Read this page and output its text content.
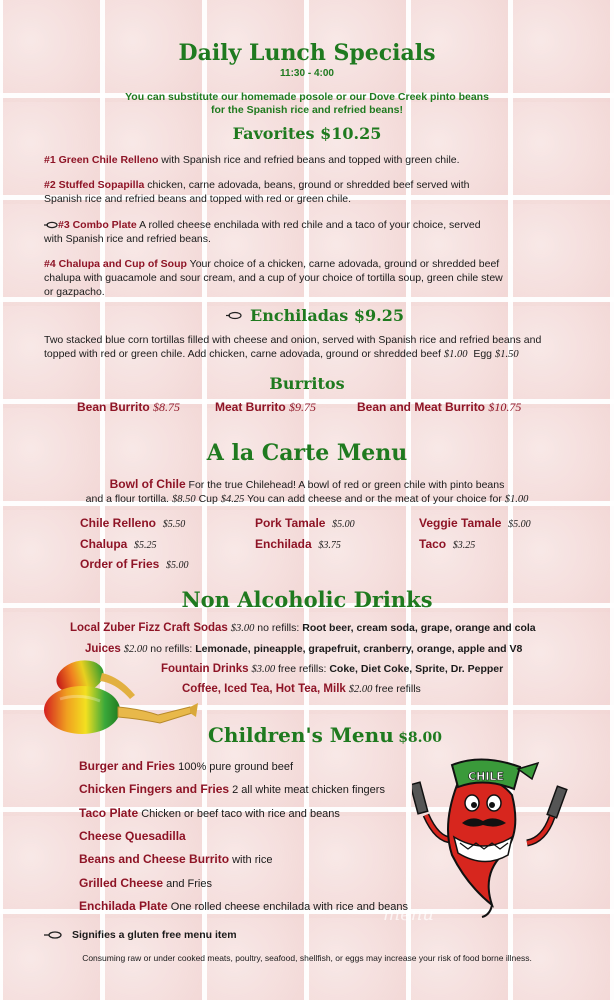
Daily Lunch Specials
11:30 - 4:00
You can substitute our homemade posole or our Dove Creek pinto beans
for the Spanish rice and refried beans!
Favorites $10.25
#1 Green Chile Relleno with Spanish rice and refried beans and topped with green chile.
#2 Stuffed Sopapilla chicken, carne adovada, beans, ground or shredded beef served with
Spanish rice and refried beans and topped with red or green chile.
#3 Combo Plate A rolled cheese enchilada with red chile and a taco of your choice, served
with Spanish rice and refried beans.
#4 Chalupa and Cup of Soup Your choice of a chicken, carne adovada, ground or shredded beef
chalupa with guacamole and sour cream, and a cup of your choice of tortilla soup, green chile stew
or gazpacho.
Enchiladas $9.25
Two stacked blue corn tortillas filled with cheese and onion, served with Spanish rice and refried beans and
topped with red or green chile. Add chicken, carne adovada, ground or shredded beef $1.00 Egg $1.50
Burritos
Bean Burrito $8.75	Meat Burrito $9.75	Bean and Meat Burrito $10.75
A la Carte Menu
Bowl of Chile For the true Chilehead! A bowl of red or green chile with pinto beans
and a flour tortilla. $8.50 Cup $4.25 You can add cheese and or the meat of your choice for $1.00
Chile Relleno $5.50	Pork Tamale $5.00	Veggie Tamale $5.00
Chalupa $5.25	Enchilada $3.75	Taco $3.25
Order of Fries $5.00
Non Alcoholic Drinks
Local Zuber Fizz Craft Sodas $3.00 no refills: Root beer, cream soda, grape, orange and cola
Juices $2.00 no refills: Lemonade, pineapple, grapefruit, cranberry, orange, apple and V8
Fountain Drinks $3.00 free refills: Coke, Diet Coke, Sprite, Dr. Pepper
Coffee, Iced Tea, Hot Tea, Milk $2.00 free refills
Children's Menu $8.00
Burger and Fries 100% pure ground beef
Chicken Fingers and Fries 2 all white meat chicken fingers
Taco Plate Chicken or beef taco with rice and beans
Cheese Quesadilla
Beans and Cheese Burrito with rice
Grilled Cheese and Fries
Enchilada Plate One rolled cheese enchilada with rice and beans
CHILE
menu
Signifies a gluten free menu item
Consuming raw or under cooked meats, poultry, seafood, shellfish, or eggs may increase your risk of food borne illness.
